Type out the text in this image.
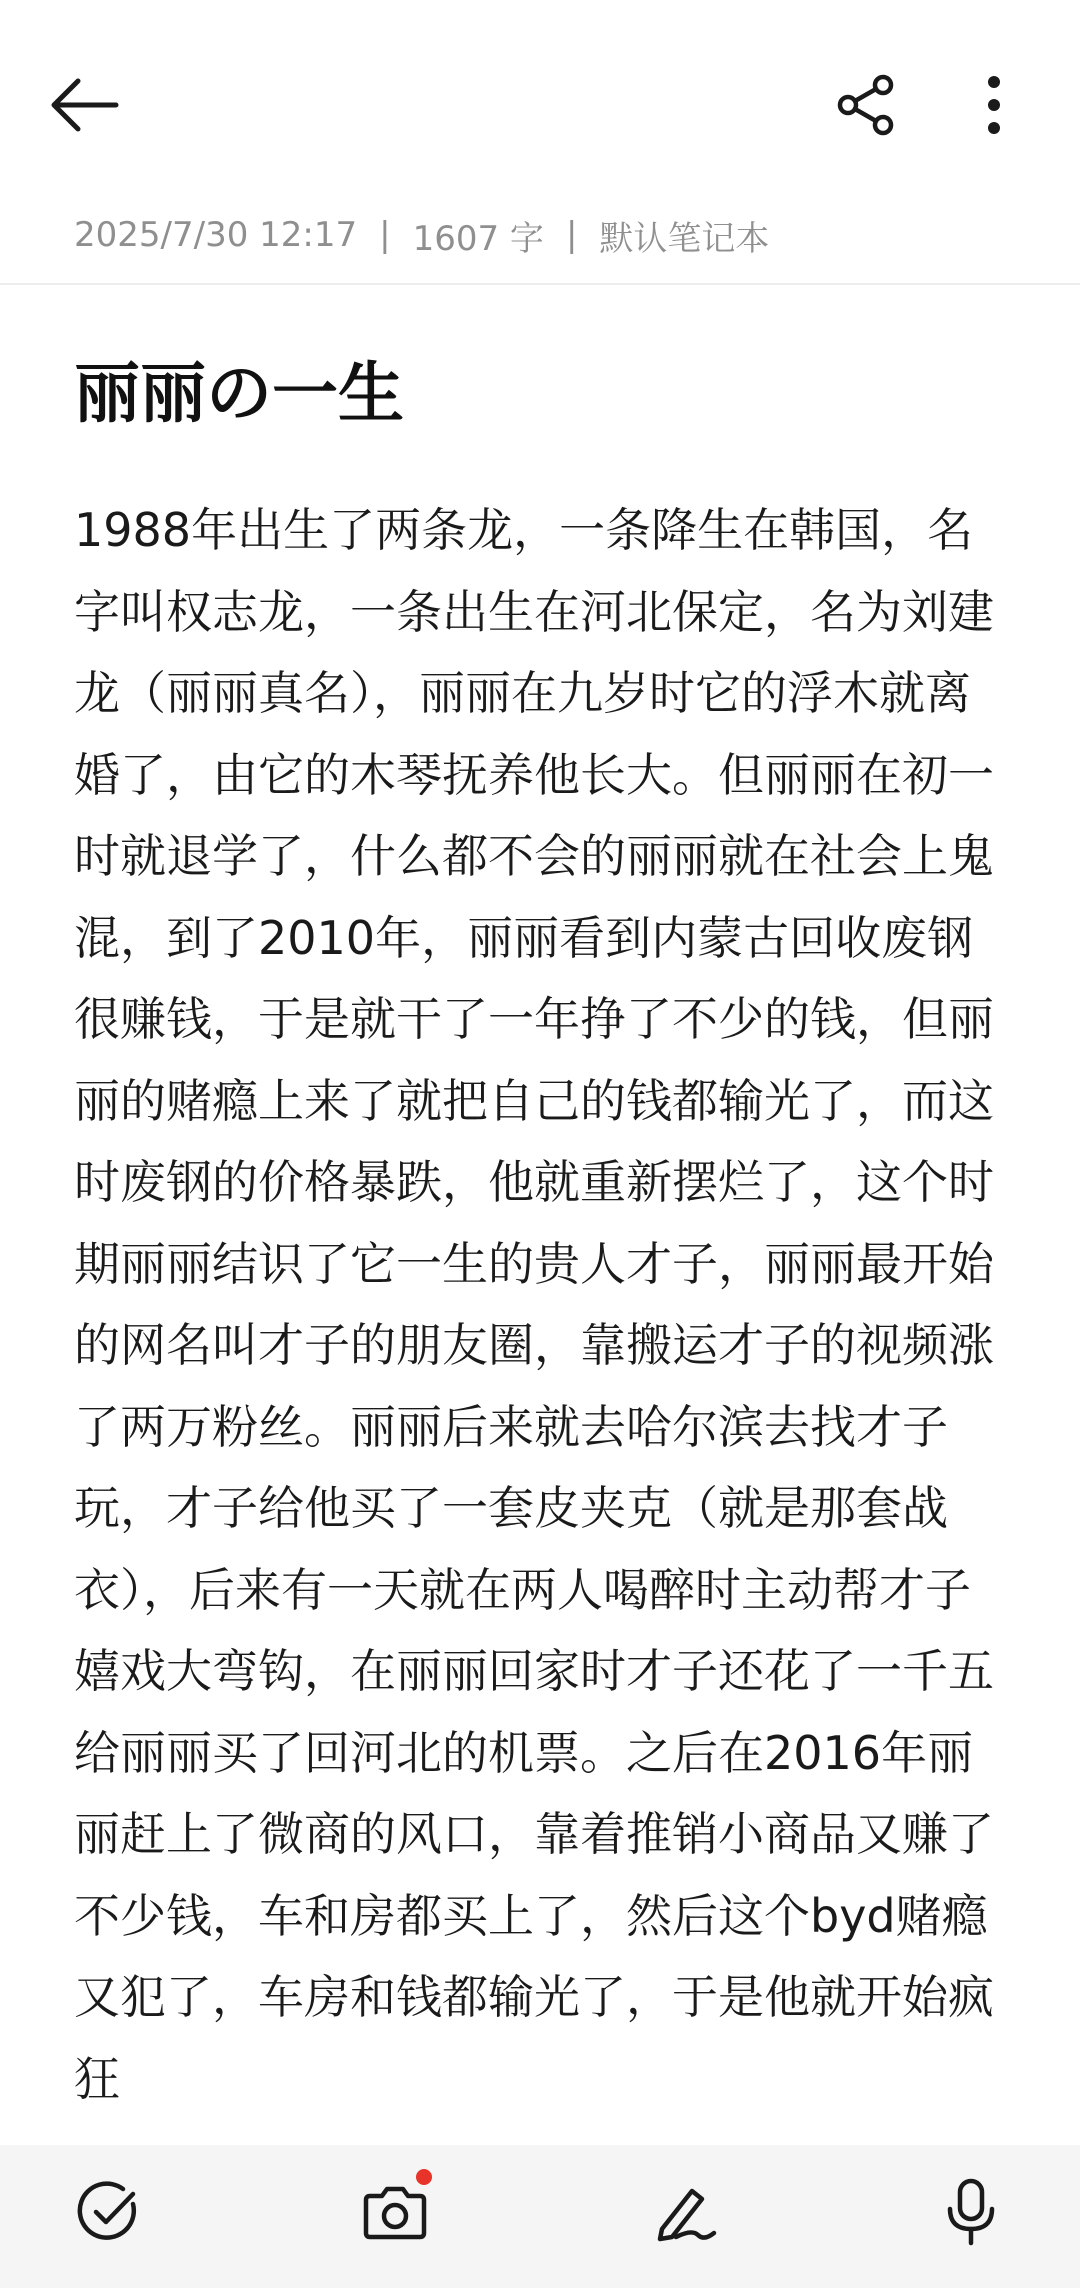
2025/7/30 12:17 | 1607 字 | 默认笔记本
丽丽の一生

1988年出生了两条龙，一条降生在韩国，名字叫权志龙，一条出生在河北保定，名为刘建龙（丽丽真名），丽丽在九岁时它的浮木就离婚了，由它的木琴抚养他长大。但丽丽在初一时就退学了，什么都不会的丽丽就在社会上鬼混，到了2010年，丽丽看到内蒙古回收废钢很赚钱，于是就干了一年挣了不少的钱，但丽丽的赌瘾上来了就把自己的钱都输光了，而这时废钢的价格暴跌，他就重新摆烂了，这个时期丽丽结识了它一生的贵人才子，丽丽最开始的网名叫才子的朋友圈，靠搬运才子的视频涨了两万粉丝。丽丽后来就去哈尔滨去找才子玩，才子给他买了一套皮夹克（就是那套战衣），后来有一天就在两人喝醉时主动帮才子嬉戏大弯钩，在丽丽回家时才子还花了一千五给丽丽买了回河北的机票。之后在2016年丽丽赶上了微商的风口，靠着推销小商品又赚了不少钱，车和房都买上了，然后这个byd赌瘾又犯了，车房和钱都输光了，于是他就开始疯狂
